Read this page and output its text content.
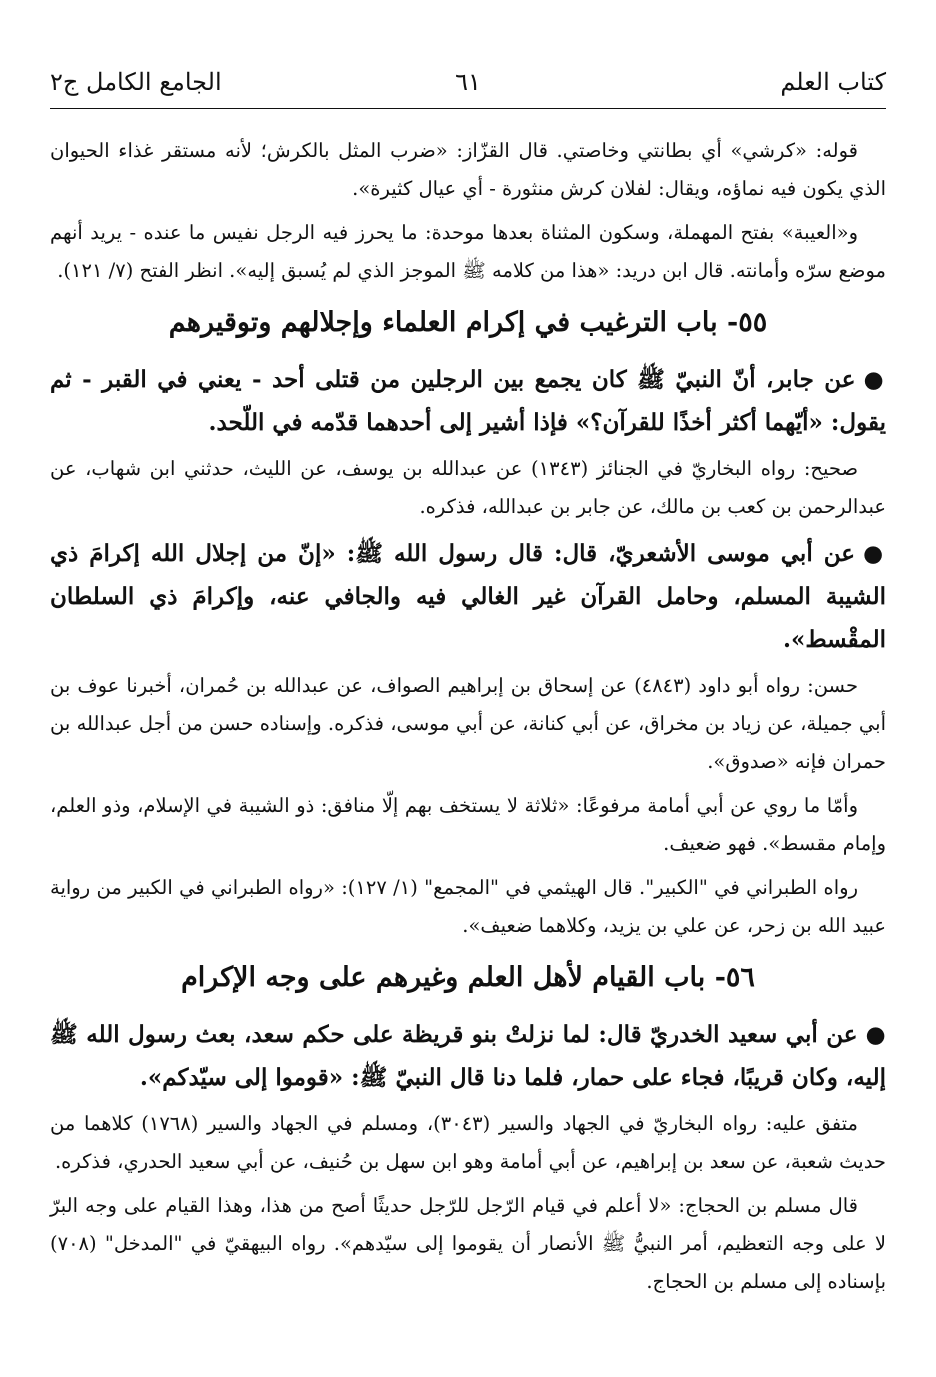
كتاب العلم
٦١
الجامع الكامل ج٢

قوله: «كرشي» أي بطانتي وخاصتي. قال القزّاز: «ضرب المثل بالكرش؛ لأنه مستقر غذاء الحيوان الذي يكون فيه نماؤه، ويقال: لفلان كرش منثورة - أي عيال كثيرة».

و«العيبة» بفتح المهملة، وسكون المثناة بعدها موحدة: ما يحرز فيه الرجل نفيس ما عنده - يريد أنهم موضع سرّه وأمانته. قال ابن دريد: «هذا من كلامه ﷺ الموجز الذي لم يُسبق إليه». انظر الفتح (٧/ ١٢١).

٥٥- باب الترغيب في إكرام العلماء وإجلالهم وتوقيرهم

●عن جابر، أنّ النبيّ ﷺ كان يجمع بين الرجلين من قتلى أحد - يعني في القبر - ثم يقول: «أيّهما أكثر أخذًا للقرآن؟» فإذا أشير إلى أحدهما قدّمه في اللّحد.

صحيح: رواه البخاريّ في الجنائز (١٣٤٣) عن عبدالله بن يوسف، عن الليث، حدثني ابن شهاب، عن عبدالرحمن بن كعب بن مالك، عن جابر بن عبدالله، فذكره.

●عن أبي موسى الأشعريّ، قال: قال رسول الله ﷺ: «إنّ من إجلال الله إكرامَ ذي الشيبة المسلم، وحامل القرآن غير الغالي فيه والجافي عنه، وإكرامَ ذي السلطان المقْسط».

حسن: رواه أبو داود (٤٨٤٣) عن إسحاق بن إبراهيم الصواف، عن عبدالله بن حُمران، أخبرنا عوف بن أبي جميلة، عن زياد بن مخراق، عن أبي كنانة، عن أبي موسى، فذكره. وإسناده حسن من أجل عبدالله بن حمران فإنه «صدوق».

وأمّا ما روي عن أبي أمامة مرفوعًا: «ثلاثة لا يستخف بهم إلّا منافق: ذو الشيبة في الإسلام، وذو العلم، وإمام مقسط». فهو ضعيف.

رواه الطبراني في "الكبير". قال الهيثمي في "المجمع" (١/ ١٢٧): «رواه الطبراني في الكبير من رواية عبيد الله بن زحر، عن علي بن يزيد، وكلاهما ضعيف».

٥٦- باب القيام لأهل العلم وغيرهم على وجه الإكرام

●عن أبي سعيد الخدريّ قال: لما نزلتْ بنو قريظة على حكم سعد، بعث رسول الله ﷺ إليه، وكان قريبًا، فجاء على حمار، فلما دنا قال النبيّ ﷺ: «قوموا إلى سيّدكم».

متفق عليه: رواه البخاريّ في الجهاد والسير (٣٠٤٣)، ومسلم في الجهاد والسير (١٧٦٨) كلاهما من حديث شعبة، عن سعد بن إبراهيم، عن أبي أمامة وهو ابن سهل بن حُنيف، عن أبي سعيد الحدري، فذكره.

قال مسلم بن الحجاج: «لا أعلم في قيام الرّجل للرّجل حديثًا أصح من هذا، وهذا القيام على وجه البرّ لا على وجه التعظيم، أمر النبيُّ ﷺ الأنصار أن يقوموا إلى سيّدهم». رواه البيهقيّ في "المدخل" (٧٠٨) بإسناده إلى مسلم بن الحجاج.
